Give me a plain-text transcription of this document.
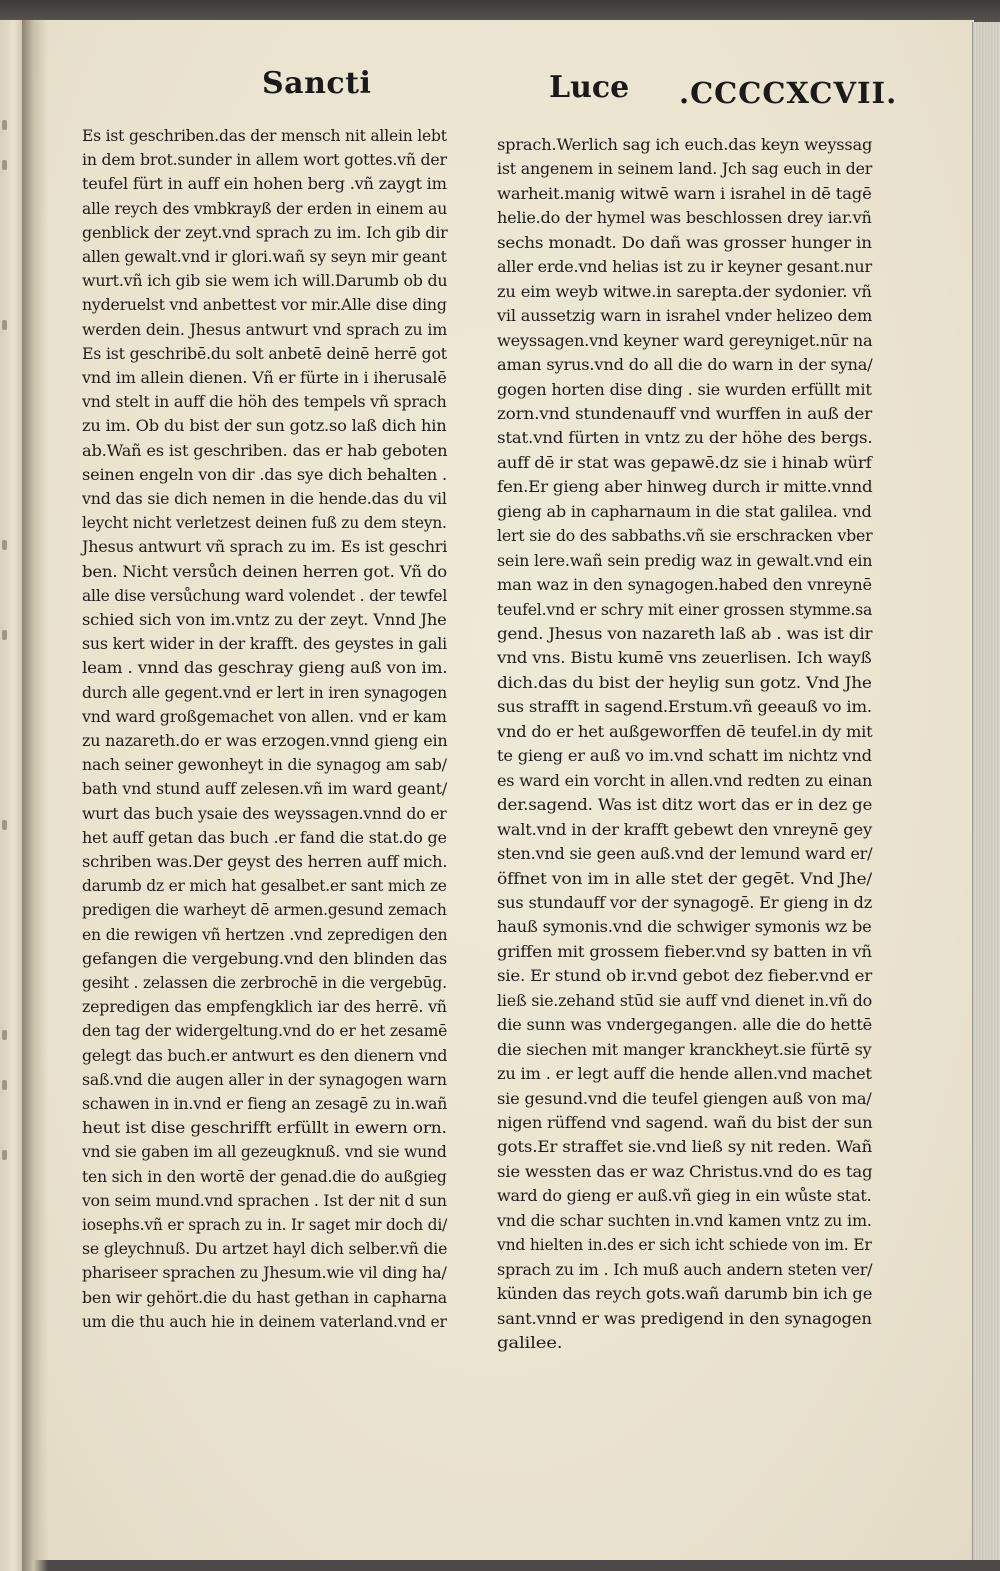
Sancti	Luce .CCCCXCVII.
Es ist geschriben.das der mensch nit allein lebt
in dem brot.sunder in allem wort gottes.vñ der
teufel fürt in auff ein hohen berg .vñ zaygt im
alle reych des vmbkrayß der erden in einem au
genblick der zeyt.vnd sprach zu im. Ich gib dir
allen gewalt.vnd ir glori.wañ sy seyn mir geant
wurt.vñ ich gib sie wem ich will.Darumb ob du
nyderuelst vnd anbettest vor mir.Alle dise ding
werden dein. Jhesus antwurt vnd sprach zu im
Es ist geschribē.du solt anbetē deinē herrē got
vnd im allein dienen. Vñ er fürte in i iherusalē
vnd stelt in auff die höh des tempels vñ sprach
zu im. Ob du bist der sun gotz.so laß dich hin
ab.Wañ es ist geschriben. das er hab geboten
seinen engeln von dir .das sye dich behalten .
vnd das sie dich nemen in die hende.das du vil
leycht nicht verletzest deinen fuß zu dem steyn.
Jhesus antwurt vñ sprach zu im. Es ist geschri
ben. Nicht versůch deinen herren got. Vñ do
alle dise versůchung ward volendet . der tewfel
schied sich von im.vntz zu der zeyt. Vnnd Jhe
sus kert wider in der krafft. des geystes in gali
leam . vnnd das geschray gieng auß von im.
durch alle gegent.vnd er lert in iren synagogen
vnd ward großgemachet von allen. vnd er kam
zu nazareth.do er was erzogen.vnnd gieng ein
nach seiner gewonheyt in die synagog am sab/
bath vnd stund auff zelesen.vñ im ward geant/
wurt das buch ysaie des weyssagen.vnnd do er
het auff getan das buch .er fand die stat.do ge
schriben was.Der geyst des herren auff mich.
darumb dz er mich hat gesalbet.er sant mich ze
predigen die warheyt dē armen.gesund zemach
en die rewigen vñ hertzen .vnd zepredigen den
gefangen die vergebung.vnd den blinden das
gesiht . zelassen die zerbrochē in die vergebūg.
zepredigen das empfengklich iar des herrē. vñ
den tag der widergeltung.vnd do er het zesamē
gelegt das buch.er antwurt es den dienern vnd
saß.vnd die augen aller in der synagogen warn
schawen in in.vnd er fieng an zesagē zu in.wañ
heut ist dise geschrifft erfüllt in ewern orn.
vnd sie gaben im all gezeugknuß. vnd sie wund
ten sich in den wortē der genad.die do außgieg
von seim mund.vnd sprachen . Ist der nit d sun
iosephs.vñ er sprach zu in. Ir saget mir doch di/
se gleychnuß. Du artzet hayl dich selber.vñ die
phariseer sprachen zu Jhesum.wie vil ding ha/
ben wir gehört.die du hast gethan in capharna
um die thu auch hie in deinem vaterland.vnd er
sprach.Werlich sag ich euch.das keyn weyssag
ist angenem in seinem land. Jch sag euch in der
warheit.manig witwē warn i israhel in dē tagē
helie.do der hymel was beschlossen drey iar.vñ
sechs monadt. Do dañ was grosser hunger in
aller erde.vnd helias ist zu ir keyner gesant.nur
zu eim weyb witwe.in sarepta.der sydonier. vñ
vil aussetzig warn in israhel vnder helizeo dem
weyssagen.vnd keyner ward gereyniget.nūr na
aman syrus.vnd do all die do warn in der syna/
gogen horten dise ding . sie wurden erfüllt mit
zorn.vnd stundenauff vnd wurffen in auß der
stat.vnd fürten in vntz zu der höhe des bergs.
auff dē ir stat was gepawē.dz sie i hinab würf
fen.Er gieng aber hinweg durch ir mitte.vnnd
gieng ab in capharnaum in die stat galilea. vnd
lert sie do des sabbaths.vñ sie erschracken vber
sein lere.wañ sein predig waz in gewalt.vnd ein
man waz in den synagogen.habed den vnreynē
teufel.vnd er schry mit einer grossen stymme.sa
gend. Jhesus von nazareth laß ab . was ist dir
vnd vns. Bistu kumē vns zeuerlisen. Ich wayß
dich.das du bist der heylig sun gotz. Vnd Jhe
sus strafft in sagend.Erstum.vñ geeauß vo im.
vnd do er het außgeworffen dē teufel.in dy mit
te gieng er auß vo im.vnd schatt im nichtz vnd
es ward ein vorcht in allen.vnd redten zu einan
der.sagend. Was ist ditz wort das er in dez ge
walt.vnd in der krafft gebewt den vnreynē gey
sten.vnd sie geen auß.vnd der lemund ward er/
öffnet von im in alle stet der gegēt. Vnd Jhe/
sus stundauff vor der synagogē. Er gieng in dz
hauß symonis.vnd die schwiger symonis wz be
griffen mit grossem fieber.vnd sy batten in vñ
sie. Er stund ob ir.vnd gebot dez fieber.vnd er
ließ sie.zehand stūd sie auff vnd dienet in.vñ do
die sunn was vndergegangen. alle die do hettē
die siechen mit manger kranckheyt.sie fürtē sy
zu im . er legt auff die hende allen.vnd machet
sie gesund.vnd die teufel giengen auß von ma/
nigen rüffend vnd sagend. wañ du bist der sun
gots.Er straffet sie.vnd ließ sy nit reden. Wañ
sie wessten das er waz Christus.vnd do es tag
ward do gieng er auß.vñ gieg in ein wůste stat.
vnd die schar suchten in.vnd kamen vntz zu im.
vnd hielten in.des er sich icht schiede von im. Er
sprach zu im . Ich muß auch andern steten ver/
künden das reych gots.wañ darumb bin ich ge
sant.vnnd er was predigend in den synagogen
galilee.
